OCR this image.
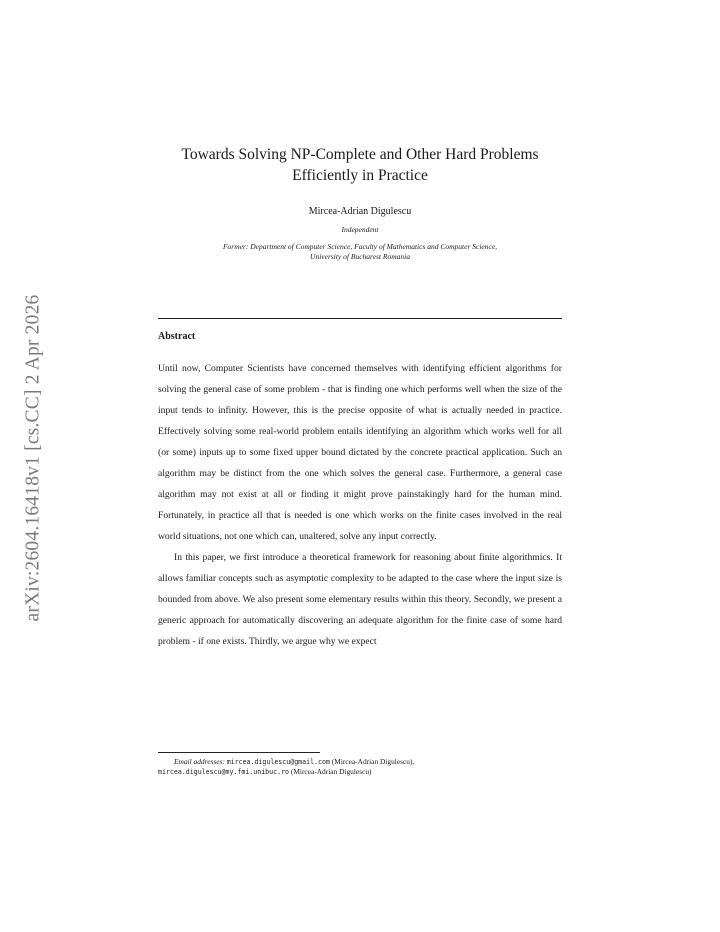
arXiv:2604.16418v1 [cs.CC] 2 Apr 2026
Towards Solving NP-Complete and Other Hard Problems
Efficiently in Practice
Mircea-Adrian Digulescu
Independent
Former: Department of Computer Science, Faculty of Mathematics and Computer Science,
University of Bucharest Romania
Abstract

Until now, Computer Scientists have concerned themselves with identifying efficient algorithms for solving the general case of some problem - that is finding one which performs well when the size of the input tends to infinity. However, this is the precise opposite of what is actually needed in practice. Effectively solving some real-world problem entails identifying an algorithm which works well for all (or some) inputs up to some fixed upper bound dictated by the concrete practical application. Such an algorithm may be distinct from the one which solves the general case. Furthermore, a general case algorithm may not exist at all or finding it might prove painstakingly hard for the human mind. Fortunately, in practice all that is needed is one which works on the finite cases involved in the real world situations, not one which can, unaltered, solve any input correctly.

In this paper, we first introduce a theoretical framework for reasoning about finite algorithmics. It allows familiar concepts such as asymptotic complexity to be adapted to the case where the input size is bounded from above. We also present some elementary results within this theory. Secondly, we present a generic approach for automatically discovering an adequate algorithm for the finite case of some hard problem - if one exists. Thirdly, we argue why we expect

Email addresses: mircea.digulescu@gmail.com (Mircea-Adrian Digulescu),
mircea.digulescu@my.fmi.unibuc.ro (Mircea-Adrian Digulescu)
